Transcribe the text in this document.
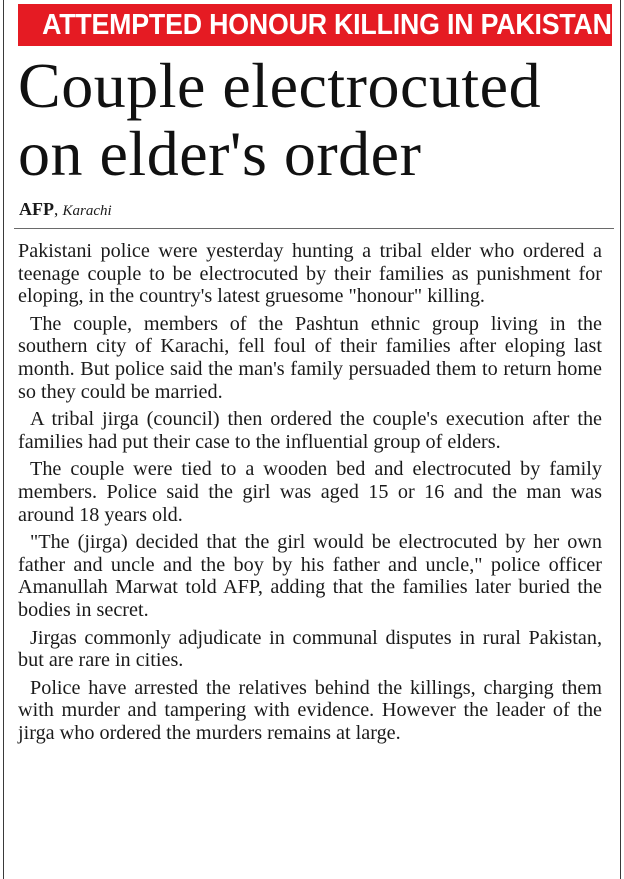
ATTEMPTED HONOUR KILLING IN PAKISTAN
Couple electrocuted
on elder's order
AFP, Karachi

Pakistani police were yesterday hunting a tribal elder who ordered a teenage couple to be electrocuted by their families as punishment for eloping, in the country's latest gruesome "honour" killing.

The couple, members of the Pashtun ethnic group living in the southern city of Karachi, fell foul of their families after eloping last month. But police said the man's family persuaded them to return home so they could be married.

A tribal jirga (council) then ordered the couple's execution after the families had put their case to the influential group of elders.

The couple were tied to a wooden bed and electrocuted by family members. Police said the girl was aged 15 or 16 and the man was around 18 years old.

"The (jirga) decided that the girl would be electrocuted by her own father and uncle and the boy by his father and uncle," police officer Amanullah Marwat told AFP, adding that the families later buried the bodies in secret.

Jirgas commonly adjudicate in communal disputes in rural Pakistan, but are rare in cities.

Police have arrested the relatives behind the killings, charging them with murder and tampering with evidence. However the leader of the jirga who ordered the murders remains at large.
